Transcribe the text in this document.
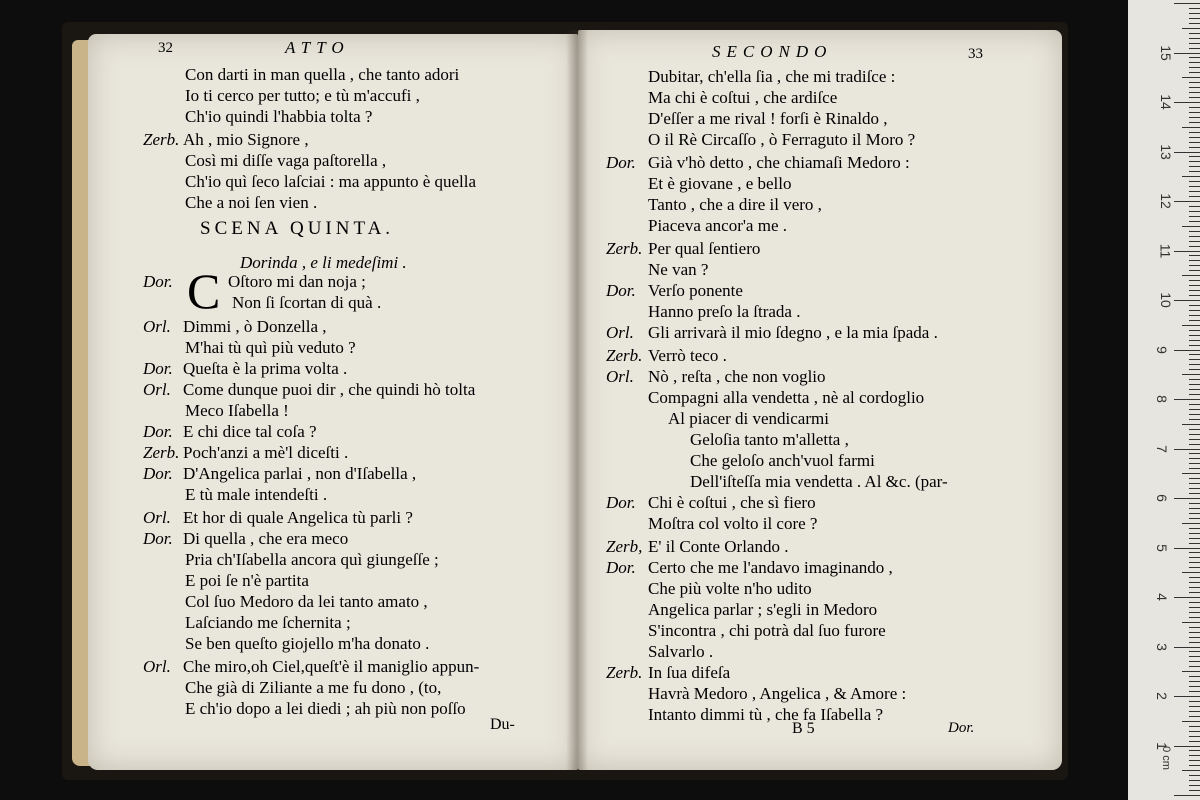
32	ATTO	33
SECONDO
Con darti in man quella , che tanto adori
Io ti cerco per tutto; e tù m'accufi ,
Ch'io quindi l'habbia tolta ?
Zerb. Ah , mio Signore ,
Così mi diſſe vaga paſtorella ,
Ch'io quì ſeco laſciai : ma appunto è quella
Che a noi ſen vien .
Dorinda , e li medeſimi .
Dor.	Oſtoro mi dan noja ;
Non ſi ſcortan di quà .
Orl. Dimmi , ò Donzella ,
M'hai tù quì più veduto ?
Dor. Queſta è la prima volta .
Orl. Come dunque puoi dir , che quindi hò tolta
Meco Iſabella !
Dor. E chi dice tal coſa ?
Zerb. Poch'anzi a mè'l diceſti .
Dor. D'Angelica parlai , non d'Iſabella ,
E tù male intendeſti .
Orl. Et hor di quale Angelica tù parli ?
Dor. Di quella , che era meco
Pria ch'Iſabella ancora quì giungeſſe ;
E poi ſe n'è partita
Col ſuo Medoro da lei tanto amato ,
Laſciando me ſchernita ;
Se ben queſto giojello m'ha donato .
Orl. Che miro,oh Ciel,queſt'è il maniglio appun-
Che già di Ziliante a me fu dono , (to,
E ch'io dopo a lei diedi ; ah più non poſſo
Dubitar, ch'ella ſia , che mi tradiſce :
Ma chi è coſtui , che ardiſce
D'eſſer a me rival ! forſi è Rinaldo ,
O il Rè Circaſſo , ò Ferraguto il Moro ?
Dor. Già v'hò detto , che chiamaſi Medoro :
Et è giovane , e bello
Tanto , che a dire il vero ,
Piaceva ancor'a me .
Zerb. Per qual ſentiero
Ne van ?
Dor. Verſo ponente
Hanno preſo la ſtrada .
Orl. Gli arrivarà il mio ſdegno , e la mia ſpada .
Zerb. Verrò teco .
Orl. Nò , reſta , che non voglio
Compagni alla vendetta , nè al cordoglio
Al piacer di vendicarmi
Geloſia tanto m'alletta ,
Che geloſo anch'vuol farmi
Dell'iſteſſa mia vendetta . Al &c. (par-
Dor. Chi è coſtui , che sì fiero
Moſtra col volto il core ?
Zerb, E' il Conte Orlando .
Dor. Certo che me l'andavo imaginando ,
Che più volte n'ho udito
Angelica parlar ; s'egli in Medoro
S'incontra , chi potrà dal ſuo furore
Salvarlo .
Zerb. In ſua difeſa
Havrà Medoro , Angelica , & Amore :
Intanto dimmi tù , che fa Iſabella ?
SCENA QUINTA.
C
Du-	B 5	Dor.
0 cm
1
2
3
4
5
6
7
8
9
10
11
12
13
14
15
